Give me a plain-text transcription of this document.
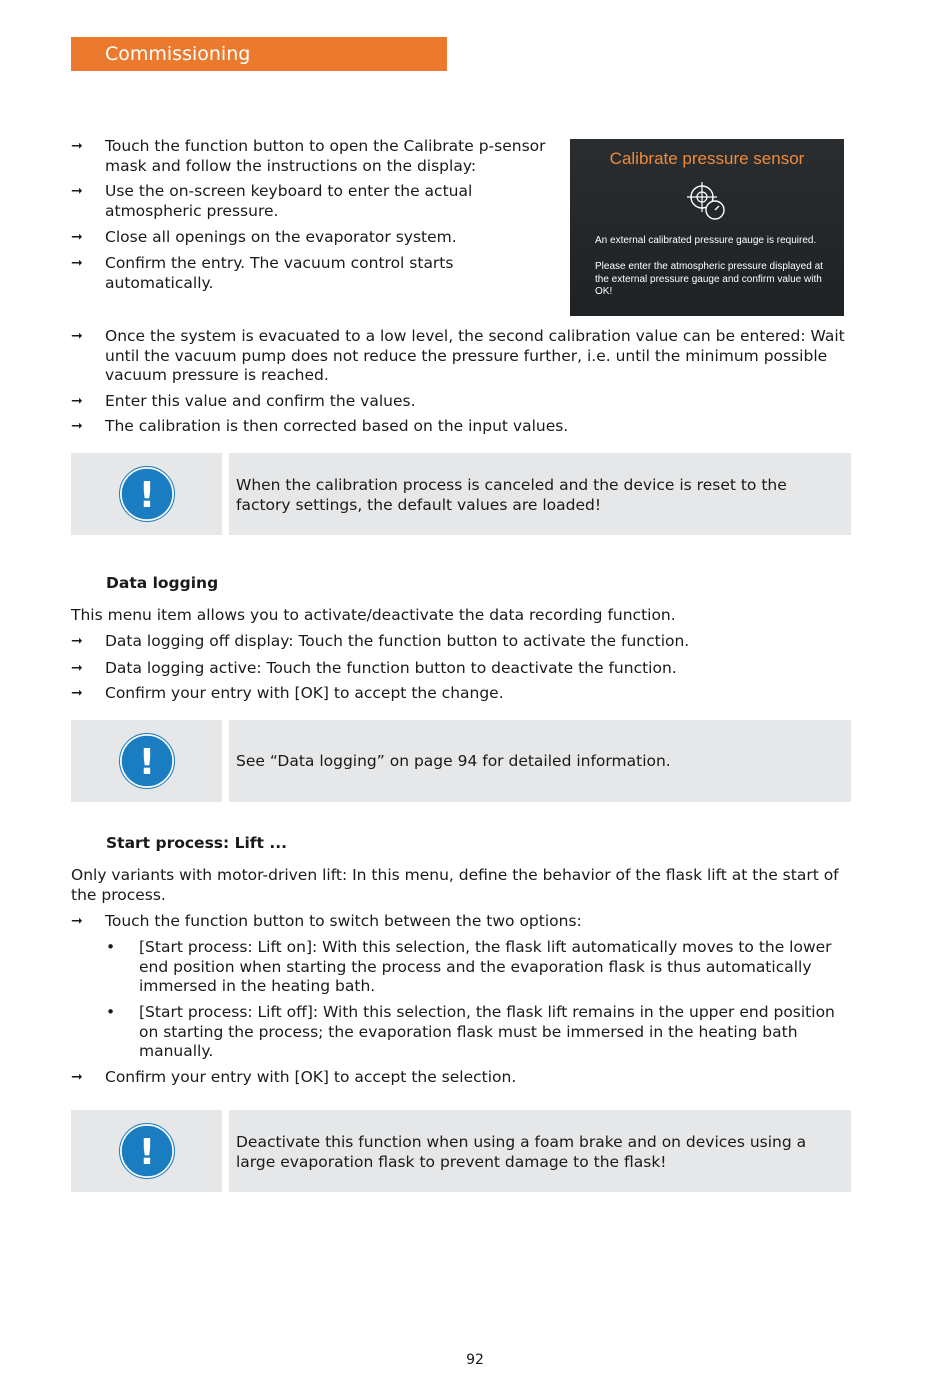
Commissioning
➞	Touch the function button to open the Calibrate p-sensor mask and follow the instructions on the display:
➞	Use the on-screen keyboard to enter the actual atmospheric pressure.
➞	Close all openings on the evaporator system.
➞	Confirm the entry. The vacuum control starts automatically.
Calibrate pressure sensor
An external calibrated pressure gauge is required.
Please enter the atmospheric pressure displayed at the external pressure gauge and confirm value with OK!
➞	Once the system is evacuated to a low level, the second calibration value can be entered: Wait until the vacuum pump does not reduce the pressure further, i.e. until the minimum possible vacuum pressure is reached.
➞	Enter this value and confirm the values.
➞	The calibration is then corrected based on the input values.
!	When the calibration process is canceled and the device is reset to the factory settings, the default values are loaded!
Data logging
This menu item allows you to activate/deactivate the data recording function.
➞	Data logging off display: Touch the function button to activate the function.
➞	Data logging active: Touch the function button to deactivate the function.
➞	Confirm your entry with [OK] to accept the change.
!	See “Data logging” on page 94 for detailed information.
Start process: Lift ...
Only variants with motor-driven lift: In this menu, define the behavior of the flask lift at the start of the process.
➞	Touch the function button to switch between the two options:
• [Start process: Lift on]: With this selection, the flask lift automatically moves to the lower end position when starting the process and the evaporation flask is thus automatically immersed in the heating bath.
• [Start process: Lift off]: With this selection, the flask lift remains in the upper end position on starting the process; the evaporation flask must be immersed in the heating bath manually.
➞	Confirm your entry with [OK] to accept the selection.
!	Deactivate this function when using a foam brake and on devices using a large evaporation flask to prevent damage to the flask!
92
